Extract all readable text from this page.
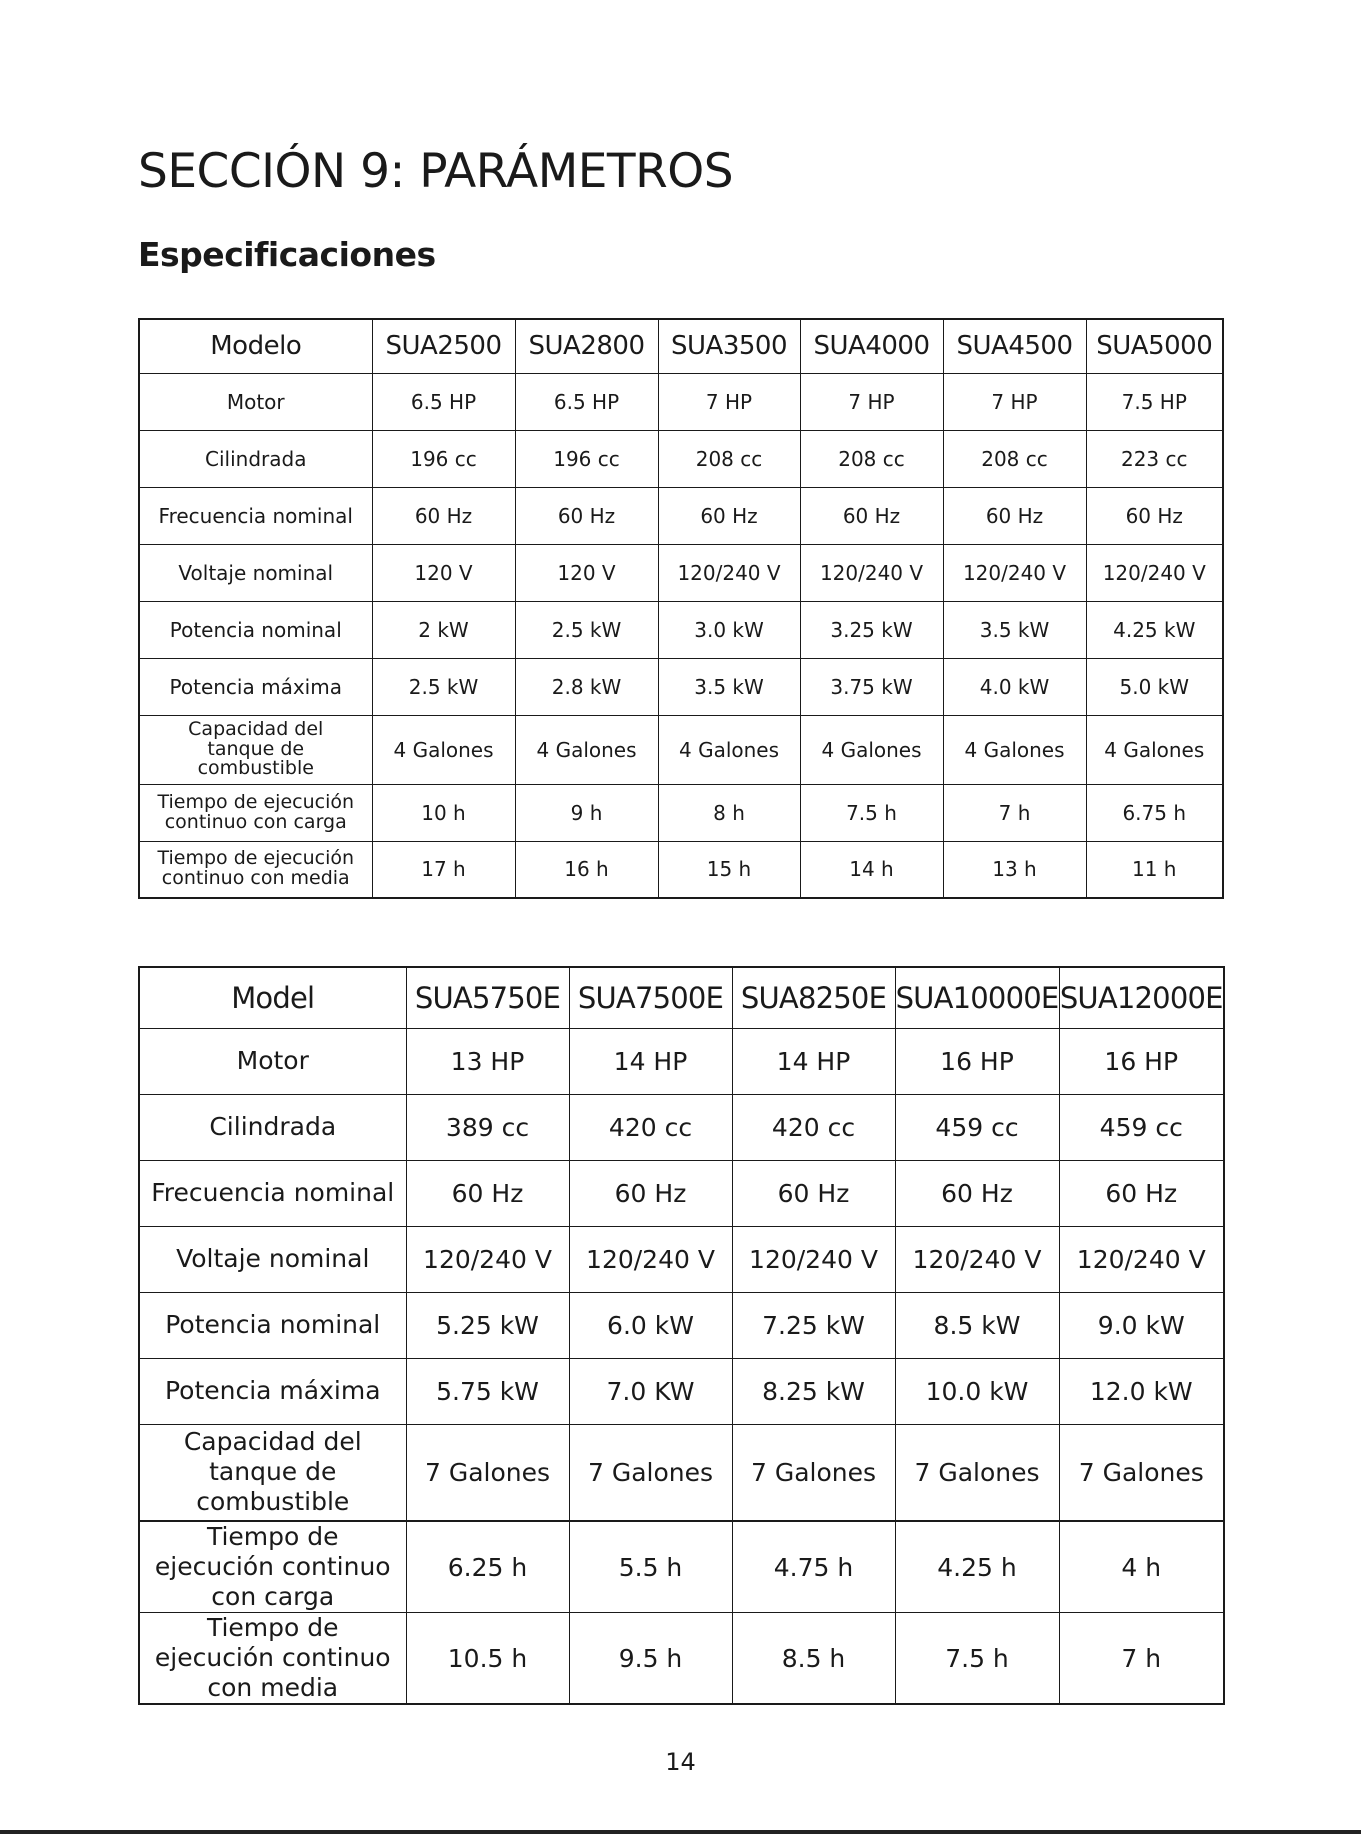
SECCIÓN 9: PARÁMETROS
Especificaciones
Modelo	SUA2500	SUA2800	SUA3500	SUA4000	SUA4500	SUA5000
Motor	6.5 HP	6.5 HP	7 HP	7 HP	7 HP	7.5 HP
Cilindrada	196 cc	196 cc	208 cc	208 cc	208 cc	223 cc
Frecuencia nominal	60 Hz	60 Hz	60 Hz	60 Hz	60 Hz	60 Hz
Voltaje nominal	120 V	120 V	120/240 V	120/240 V	120/240 V	120/240 V
Potencia nominal	2 kW	2.5 kW	3.0 kW	3.25 kW	3.5 kW	4.25 kW
Potencia máxima	2.5 kW	2.8 kW	3.5 kW	3.75 kW	4.0 kW	5.0 kW
Capacidad del tanque de combustible	4 Galones	4 Galones	4 Galones	4 Galones	4 Galones	4 Galones
Tiempo de ejecución continuo con carga	10 h	9 h	8 h	7.5 h	7 h	6.75 h
Tiempo de ejecución continuo con media	17 h	16 h	15 h	14 h	13 h	11 h
Model	SUA5750E	SUA7500E	SUA8250E	SUA10000E	SUA12000E
Motor	13 HP	14 HP	14 HP	16 HP	16 HP
Cilindrada	389 cc	420 cc	420 cc	459 cc	459 cc
Frecuencia nominal	60 Hz	60 Hz	60 Hz	60 Hz	60 Hz
Voltaje nominal	120/240 V	120/240 V	120/240 V	120/240 V	120/240 V
Potencia nominal	5.25 kW	6.0 kW	7.25 kW	8.5 kW	9.0 kW
Potencia máxima	5.75 kW	7.0 KW	8.25 kW	10.0 kW	12.0 kW
Capacidad del tanque de combustible	7 Galones	7 Galones	7 Galones	7 Galones	7 Galones
Tiempo de ejecución continuo con carga	6.25 h	5.5 h	4.75 h	4.25 h	4 h
Tiempo de ejecución continuo con media	10.5 h	9.5 h	8.5 h	7.5 h	7 h

14
